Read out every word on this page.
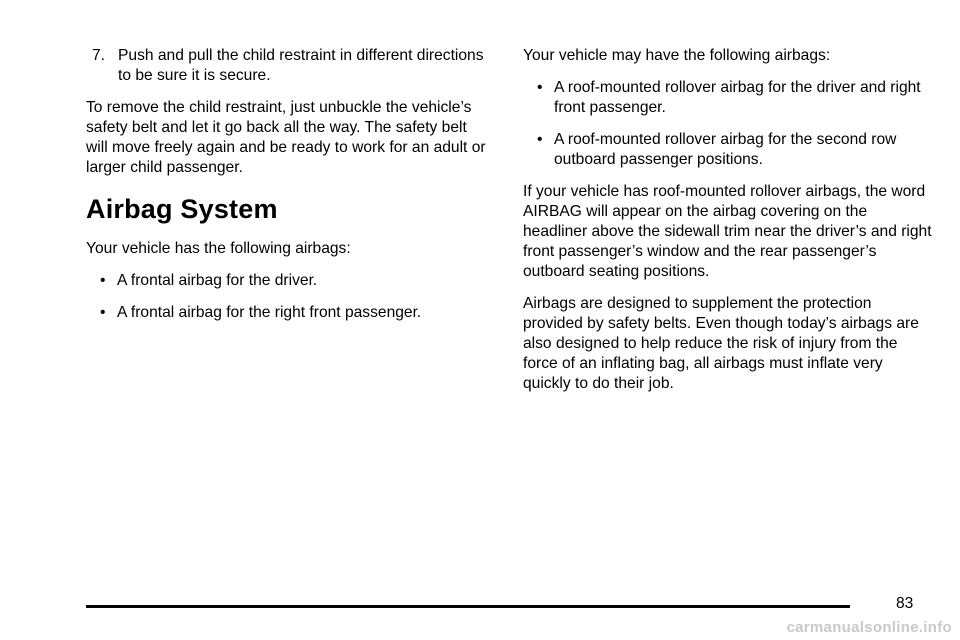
7. Push and pull the child restraint in different directions to be sure it is secure.

To remove the child restraint, just unbuckle the vehicle’s safety belt and let it go back all the way. The safety belt will move freely again and be ready to work for an adult or larger child passenger.

Airbag System

Your vehicle has the following airbags:

• A frontal airbag for the driver.
• A frontal airbag for the right front passenger.

Your vehicle may have the following airbags:

• A roof-mounted rollover airbag for the driver and right front passenger.
• A roof-mounted rollover airbag for the second row outboard passenger positions.

If your vehicle has roof-mounted rollover airbags, the word AIRBAG will appear on the airbag covering on the headliner above the sidewall trim near the driver’s and right front passenger’s window and the rear passenger’s outboard seating positions.

Airbags are designed to supplement the protection provided by safety belts. Even though today’s airbags are also designed to help reduce the risk of injury from the force of an inflating bag, all airbags must inflate very quickly to do their job.

83
carmanualsonline.info
